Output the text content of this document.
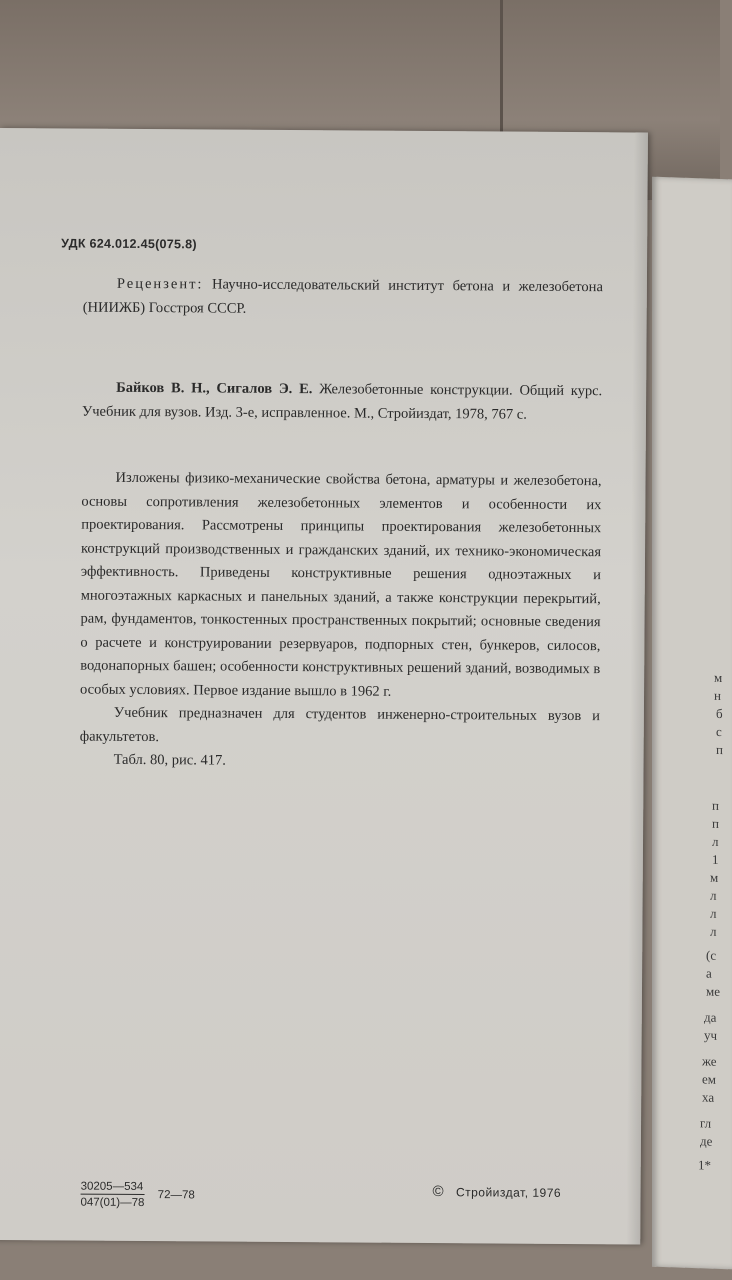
м
н
б
с
п
п
п
л
1
м
л
л
л
(с
а
ме
да
уч
же
ем
ха
гл
де
1*
УДК 624.012.45(075.8)
Рецензент: Научно-исследовательский институт бетона и железобетона (НИИЖБ) Госстроя СССР.
Байков В. Н., Сигалов Э. Е. Железобетонные конструкции. Общий курс. Учебник для вузов. Изд. 3-е, исправленное. М., Стройиздат, 1978, 767 с.

Изложены физико-механические свойства бетона, арматуры и железобетона, основы сопротивления железобетонных элементов и особенности их проектирования. Рассмотрены принципы проектирования железобетонных конструкций производственных и гражданских зданий, их технико-экономическая эффективность. Приведены конструктивные решения одноэтажных и многоэтажных каркасных и панельных зданий, а также конструкции перекрытий, рам, фундаментов, тонкостенных пространственных покрытий; основные сведения о расчете и конструировании резервуаров, подпорных стен, бункеров, силосов, водонапорных башен; особенности конструктивных решений зданий, возводимых в особых условиях. Первое издание вышло в 1962 г.

Учебник предназначен для студентов инженерно-строительных вузов и факультетов.

Табл. 80, рис. 417.

$\frac{30205—534}{047(01)—78}$ 72—78	© Стройиздат, 1976
